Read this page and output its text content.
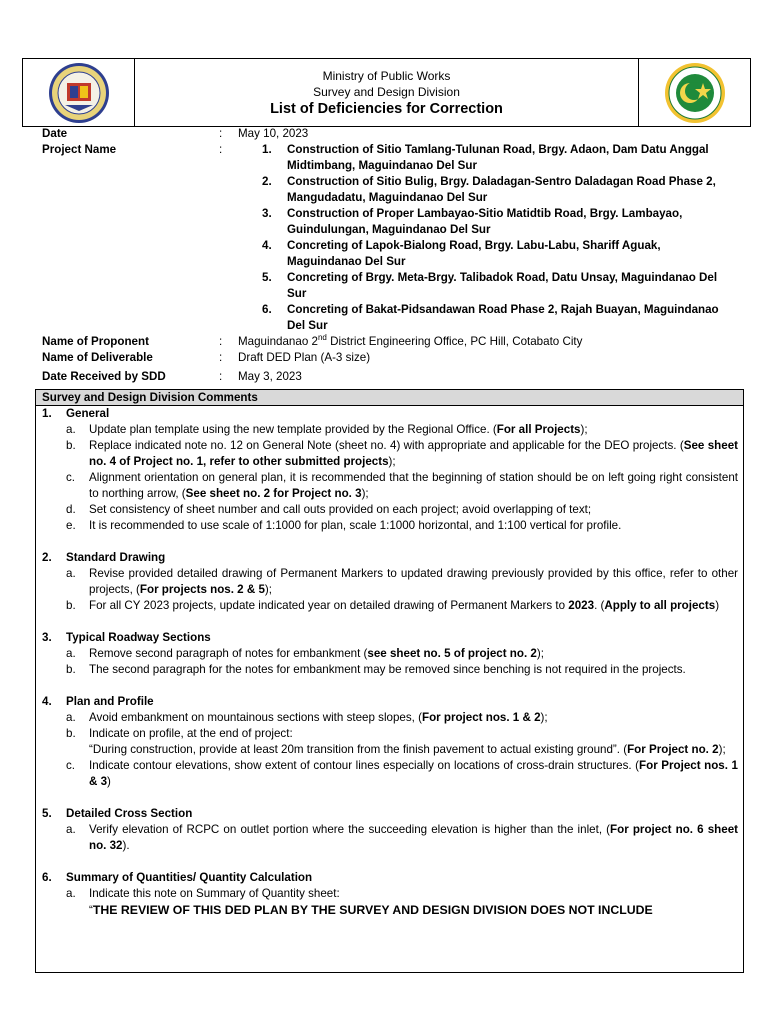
Ministry of Public Works
Survey and Design Division
List of Deficiencies for Correction
Date	: May 10, 2023
Project Name	:	1. Construction of Sitio Tamlang-Tulunan Road, Brgy. Adaon, Dam Datu Anggal Midtimbang, Maguindanao Del Sur
2. Construction of Sitio Bulig, Brgy. Daladagan-Sentro Daladagan Road Phase 2, Mangudadatu, Maguindanao Del Sur
3. Construction of Proper Lambayao-Sitio Matidtib Road, Brgy. Lambayao, Guindulungan, Maguindanao Del Sur
4. Concreting of Lapok-Bialong Road, Brgy. Labu-Labu, Shariff Aguak, Maguindanao Del Sur
5. Concreting of Brgy. Meta-Brgy. Talibadok Road, Datu Unsay, Maguindanao Del Sur
6. Concreting of Bakat-Pidsandawan Road Phase 2, Rajah Buayan, Maguindanao Del Sur
Name of Proponent	: Maguindanao 2nd District Engineering Office, PC Hill, Cotabato City
Name of Deliverable	: Draft DED Plan (A-3 size)
Date Received by SDD	: May 3, 2023
Survey and Design Division Comments
1. General
a. Update plan template using the new template provided by the Regional Office. (For all Projects);
b. Replace indicated note no. 12 on General Note (sheet no. 4) with appropriate and applicable for the DEO projects. (See sheet no. 4 of Project no. 1, refer to other submitted projects);
c. Alignment orientation on general plan, it is recommended that the beginning of station should be on left going right consistent to northing arrow, (See sheet no. 2 for Project no. 3);
d. Set consistency of sheet number and call outs provided on each project; avoid overlapping of text;
e. It is recommended to use scale of 1:1000 for plan, scale 1:1000 horizontal, and 1:100 vertical for profile.
2. Standard Drawing
a. Revise provided detailed drawing of Permanent Markers to updated drawing previously provided by this office, refer to other projects, (For projects nos. 2 & 5);
b. For all CY 2023 projects, update indicated year on detailed drawing of Permanent Markers to 2023. (Apply to all projects)
3. Typical Roadway Sections
a. Remove second paragraph of notes for embankment (see sheet no. 5 of project no. 2);
b. The second paragraph for the notes for embankment may be removed since benching is not required in the projects.
4. Plan and Profile
a. Avoid embankment on mountainous sections with steep slopes, (For project nos. 1 & 2);
b. Indicate on profile, at the end of project:
“During construction, provide at least 20m transition from the finish pavement to actual existing ground”. (For Project no. 2);
c. Indicate contour elevations, show extent of contour lines especially on locations of cross-drain structures. (For Project nos. 1 & 3)
5. Detailed Cross Section
a. Verify elevation of RCPC on outlet portion where the succeeding elevation is higher than the inlet, (For project no. 6 sheet no. 32).
6. Summary of Quantities/ Quantity Calculation
a. Indicate this note on Summary of Quantity sheet:
“THE REVIEW OF THIS DED PLAN BY THE SURVEY AND DESIGN DIVISION DOES NOT INCLUDE
